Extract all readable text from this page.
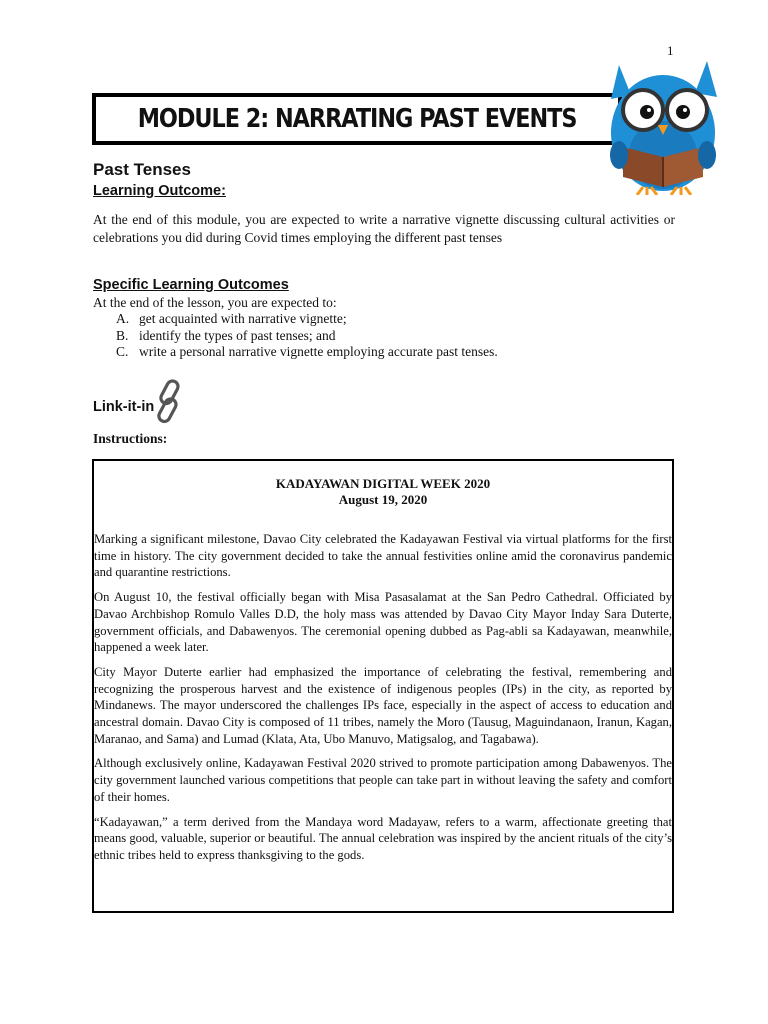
1
MODULE 2: NARRATING PAST EVENTS
Past Tenses
Learning Outcome:

At the end of this module, you are expected to write a narrative vignette discussing cultural activities or celebrations you did during Covid times employing the different past tenses

Specific Learning Outcomes

At the end of the lesson, you are expected to:

A. get acquainted with narrative vignette;
B. identify the types of past tenses; and
C. write a personal narrative vignette employing accurate past tenses.
Link-it-in

Instructions:

KADAYAWAN DIGITAL WEEK 2020
August 19, 2020

Marking a significant milestone, Davao City celebrated the Kadayawan Festival via virtual platforms for the first time in history. The city government decided to take the annual festivities online amid the coronavirus pandemic and quarantine restrictions.

On August 10, the festival officially began with Misa Pasasalamat at the San Pedro Cathedral. Officiated by Davao Archbishop Romulo Valles D.D, the holy mass was attended by Davao City Mayor Inday Sara Duterte, government officials, and Dabawenyos. The ceremonial opening dubbed as Pag-abli sa Kadayawan, meanwhile, happened a week later.

City Mayor Duterte earlier had emphasized the importance of celebrating the festival, remembering and recognizing the prosperous harvest and the existence of indigenous peoples (IPs) in the city, as reported by Mindanews. The mayor underscored the challenges IPs face, especially in the aspect of access to education and ancestral domain. Davao City is composed of 11 tribes, namely the Moro (Tausug, Maguindanaon, Iranun, Kagan, Maranao, and Sama) and Lumad (Klata, Ata, Ubo Manuvo, Matigsalog, and Tagabawa).

Although exclusively online, Kadayawan Festival 2020 strived to promote participation among Dabawenyos. The city government launched various competitions that people can take part in without leaving the safety and comfort of their homes.

“Kadayawan,” a term derived from the Mandaya word Madayaw, refers to a warm, affectionate greeting that means good, valuable, superior or beautiful. The annual celebration was inspired by the ancient rituals of the city’s ethnic tribes held to express thanksgiving to the gods.
